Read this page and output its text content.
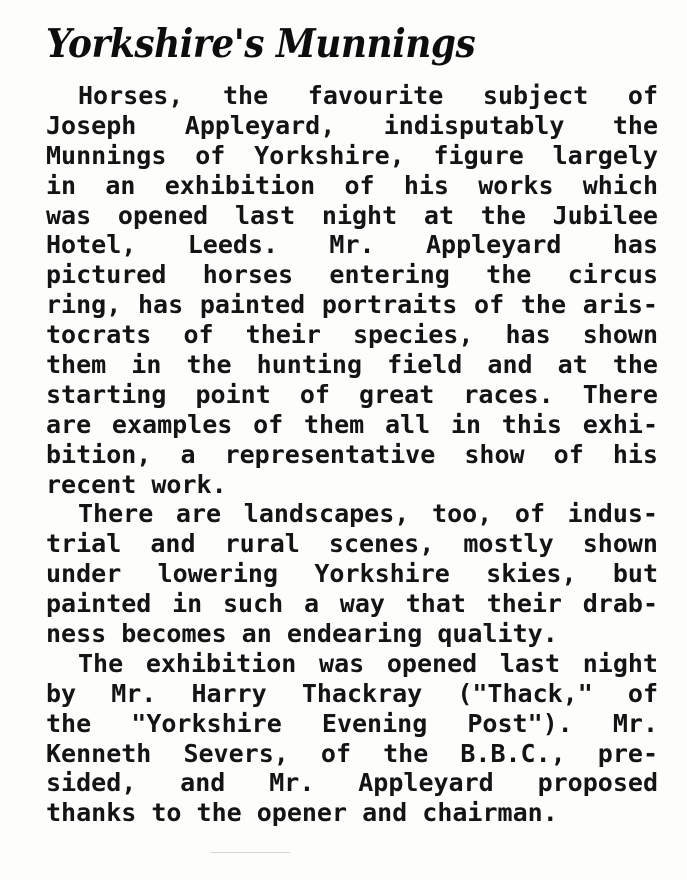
Yorkshire's Munnings
Horses, the favourite subject of
Joseph Appleyard, indisputably the
Munnings of Yorkshire, figure largely
in an exhibition of his works which
was opened last night at the Jubilee
Hotel, Leeds. Mr. Appleyard has
pictured horses entering the circus
ring, has painted portraits of the aris-
tocrats of their species, has shown
them in the hunting field and at the
starting point of great races. There
are examples of them all in this exhi-
bition, a representative show of his
recent work.
There are landscapes, too, of indus-
trial and rural scenes, mostly shown
under lowering Yorkshire skies, but
painted in such a way that their drab-
ness becomes an endearing quality.
The exhibition was opened last night
by Mr. Harry Thackray ("Thack," of
the "Yorkshire Evening Post"). Mr.
Kenneth Severs, of the B.B.C., pre-
sided, and Mr. Appleyard proposed
thanks to the opener and chairman.
